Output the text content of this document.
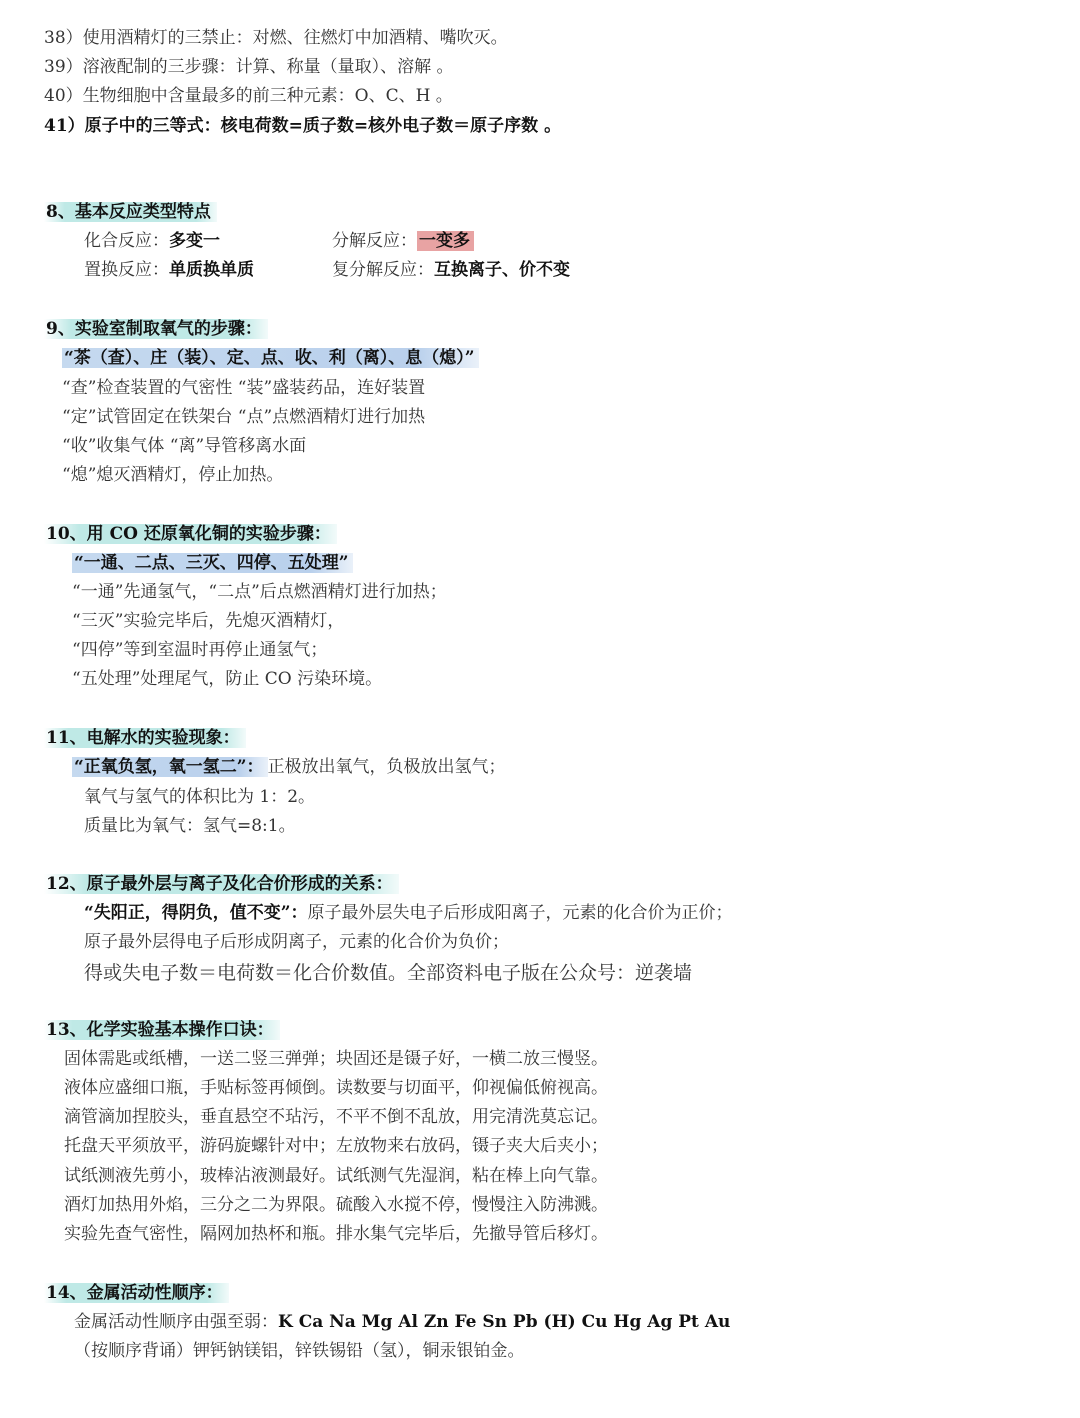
38）使用酒精灯的三禁止：对燃、往燃灯中加酒精、嘴吹灭。
39）溶液配制的三步骤：计算、称量（量取）、溶解 。
40）生物细胞中含量最多的前三种元素：O、C、H 。
41）原子中的三等式：核电荷数=质子数=核外电子数＝原子序数 。
8、基本反应类型特点
化合反应：多变一	分解反应： 一变多
置换反应：单质换单质	复分解反应：互换离子、价不变
9、实验室制取氧气的步骤：
“茶（查）、庄（装）、定、点、收、利（离）、息（熄）”
“查”检查装置的气密性 “装”盛装药品，连好装置
“定”试管固定在铁架台 “点”点燃酒精灯进行加热
“收”收集气体 “离”导管移离水面
“熄”熄灭酒精灯，停止加热。
10、用 CO 还原氧化铜的实验步骤：
“一通、二点、三灭、四停、五处理”
“一通”先通氢气，“二点”后点燃酒精灯进行加热；
“三灭”实验完毕后，先熄灭酒精灯，
“四停”等到室温时再停止通氢气；
“五处理”处理尾气，防止 CO 污染环境。
11、电解水的实验现象：
“正氧负氢，氧一氢二”： 正极放出氧气，负极放出氢气；
氧气与氢气的体积比为 1：2。
质量比为氧气：氢气=8:1。
12、原子最外层与离子及化合价形成的关系：
“失阳正，得阴负，值不变”：原子最外层失电子后形成阳离子，元素的化合价为正价；
原子最外层得电子后形成阴离子，元素的化合价为负价；
得或失电子数＝电荷数＝化合价数值。全部资料电子版在公众号：逆袭墙
13、化学实验基本操作口诀：
固体需匙或纸槽，一送二竖三弹弹；块固还是镊子好，一横二放三慢竖。
液体应盛细口瓶，手贴标签再倾倒。读数要与切面平，仰视偏低俯视高。
滴管滴加捏胶头，垂直悬空不玷污，不平不倒不乱放，用完清洗莫忘记。
托盘天平须放平，游码旋螺针对中；左放物来右放码，镊子夹大后夹小；
试纸测液先剪小，玻棒沾液测最好。试纸测气先湿润，粘在棒上向气靠。
酒灯加热用外焰，三分之二为界限。硫酸入水搅不停，慢慢注入防沸溅。
实验先查气密性，隔网加热杯和瓶。排水集气完毕后，先撤导管后移灯。
14、金属活动性顺序：
金属活动性顺序由强至弱：K Ca Na Mg Al Zn Fe Sn Pb (H) Cu Hg Ag Pt Au
（按顺序背诵）钾钙钠镁铝，锌铁锡铅（氢），铜汞银铂金。
